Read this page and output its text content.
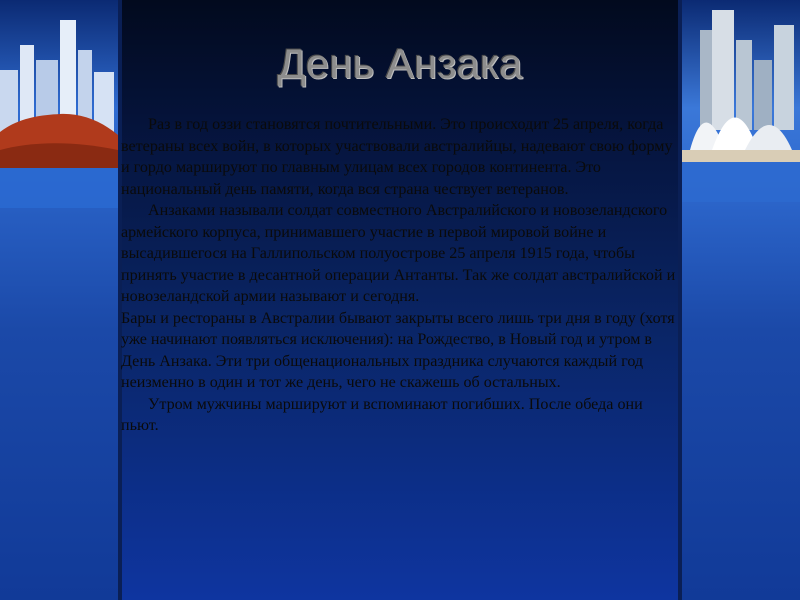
День Анзака

Раз в год оззи становятся почтительными. Это происходит 25 апреля, когда ветераны всех войн, в которых участвовали австралийцы, надевают свою форму и гордо маршируют по главным улицам всех городов континента. Это национальный день памяти, когда вся страна чествует ветеранов.

Анзаками называли солдат совместного Австралийского и новозеландского армейского корпуса, принимавшего участие в первой мировой войне и высадившегося на Галлипольском полуострове 25 апреля 1915 года, чтобы принять участие в десантной операции Антанты. Так же солдат австралийской и новозеландской армии называют и сегодня.

Бары и рестораны в Австралии бывают закрыты всего лишь три дня в году (хотя уже начинают появляться исключения): на Рождество, в Новый год и утром в День Анзака. Эти три общенациональных праздника случаются каждый год неизменно в один и тот же день, чего не скажешь об остальных.

Утром мужчины маршируют и вспоминают погибших. После обеда они пьют.
